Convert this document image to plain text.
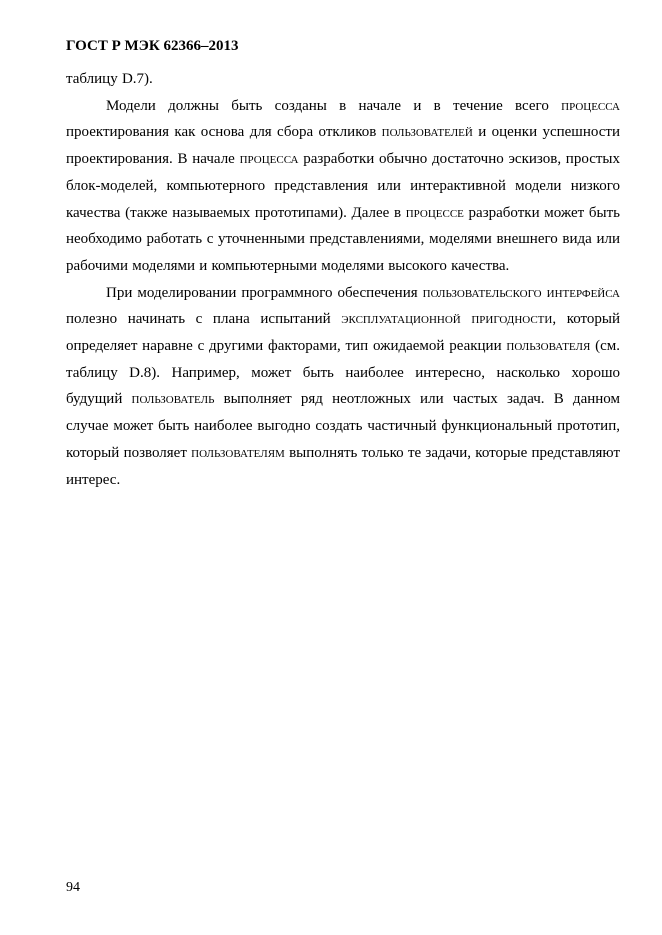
ГОСТ Р МЭК 62366–2013

таблицу D.7).

Модели должны быть созданы в начале и в течение всего процесса проектирования как основа для сбора откликов пользователей и оценки успешности проектирования. В начале процесса разработки обычно достаточно эскизов, простых блок-моделей, компьютерного представления или интерактивной модели низкого качества (также называемых прототипами). Далее в процессе разработки может быть необходимо работать с уточненными представлениями, моделями внешнего вида или рабочими моделями и компьютерными моделями высокого качества.

При моделировании программного обеспечения пользовательского интерфейса полезно начинать с плана испытаний эксплуатационной пригодности, который определяет наравне с другими факторами, тип ожидаемой реакции пользователя (см. таблицу D.8). Например, может быть наиболее интересно, насколько хорошо будущий пользователь выполняет ряд неотложных или частых задач. В данном случае может быть наиболее выгодно создать частичный функциональный прототип, который позволяет пользователям выполнять только те задачи, которые представляют интерес.

94
